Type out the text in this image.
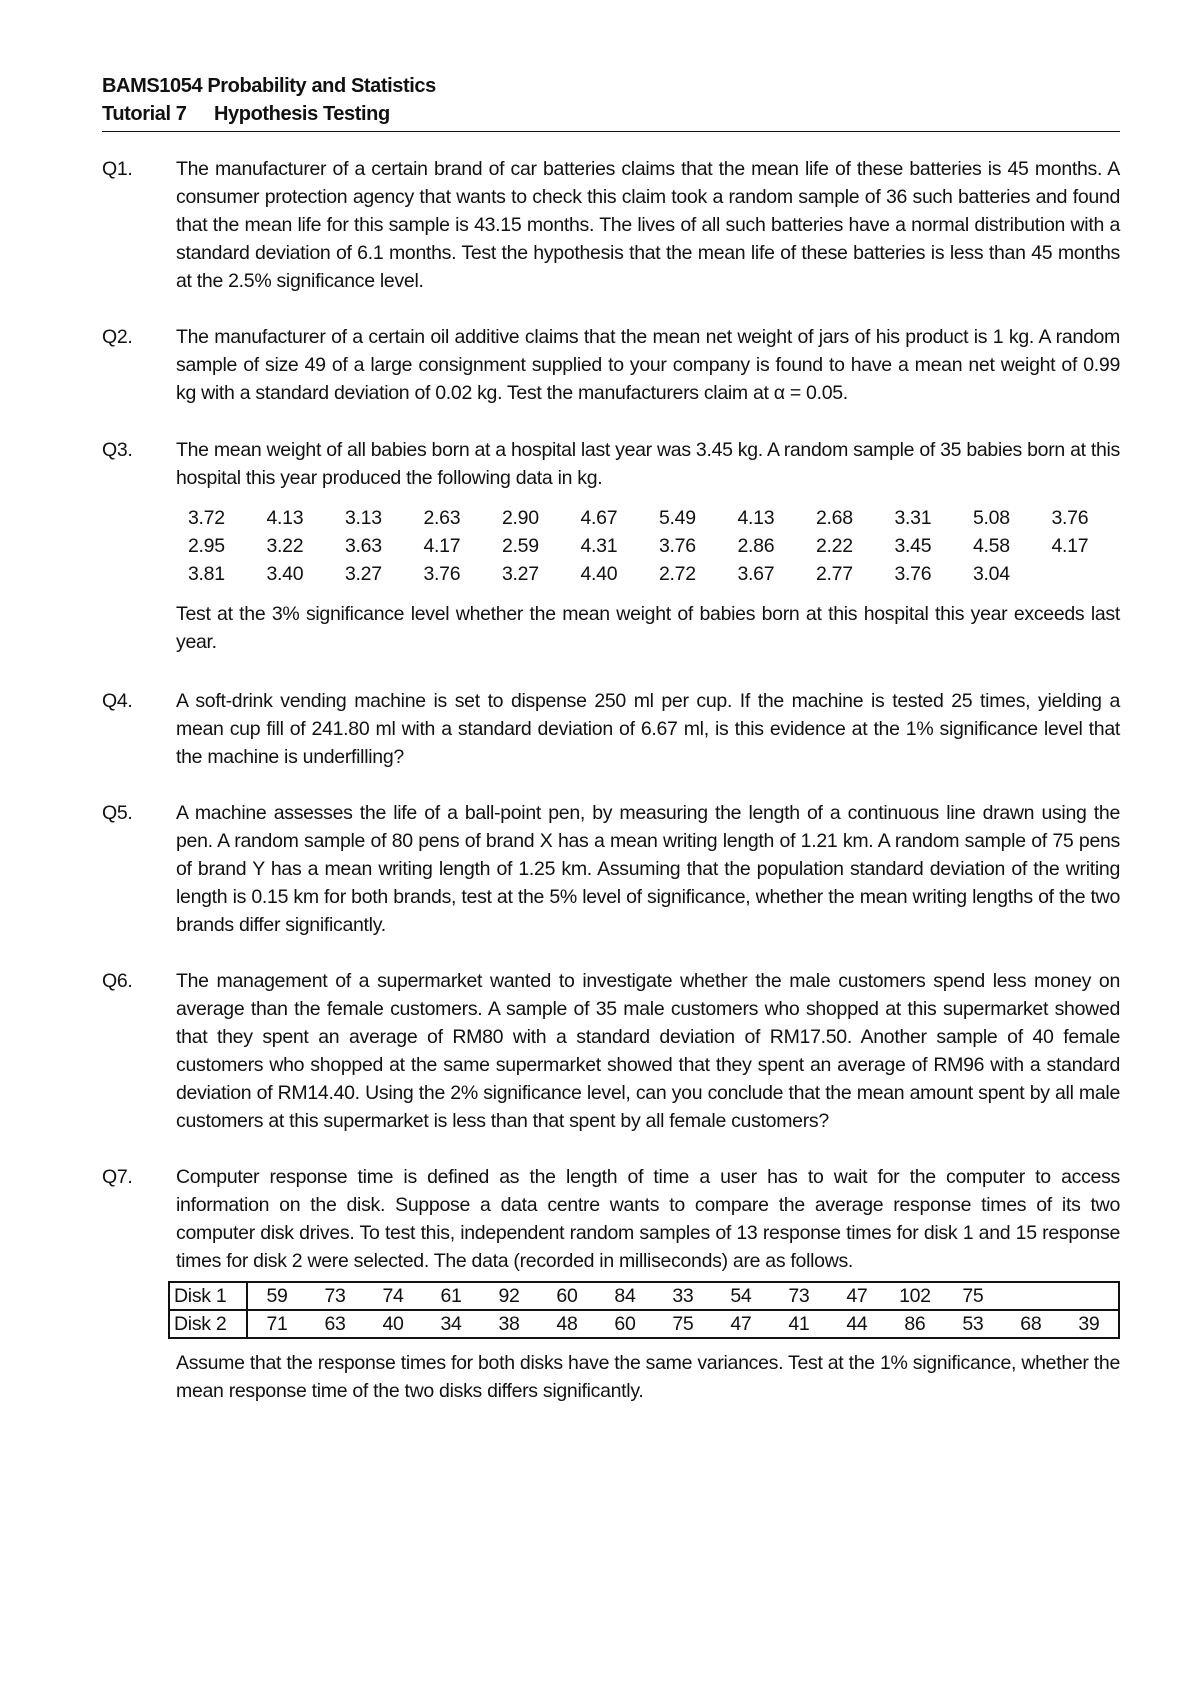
BAMS1054 Probability and Statistics
Tutorial 7 Hypothesis Testing
Q1.	The manufacturer of a certain brand of car batteries claims that the mean life of these batteries is 45 months. A consumer protection agency that wants to check this claim took a random sample of 36 such batteries and found that the mean life for this sample is 43.15 months. The lives of all such batteries have a normal distribution with a standard deviation of 6.1 months. Test the hypothesis that the mean life of these batteries is less than 45 months at the 2.5% significance level.

Q2.	The manufacturer of a certain oil additive claims that the mean net weight of jars of his product is 1 kg. A random sample of size 49 of a large consignment supplied to your company is found to have a mean net weight of 0.99 kg with a standard deviation of 0.02 kg. Test the manufacturers claim at α = 0.05.

Q3.	The mean weight of all babies born at a hospital last year was 3.45 kg. A random sample of 35 babies born at this hospital this year produced the following data in kg.

3.72	4.13	3.13	2.63	2.90	4.67	5.49	4.13	2.68	3.31	5.08	3.76
2.95	3.22	3.63	4.17	2.59	4.31	3.76	2.86	2.22	3.45	4.58	4.17
3.81	3.40	3.27	3.76	3.27	4.40	2.72	3.67	2.77	3.76	3.04

Test at the 3% significance level whether the mean weight of babies born at this hospital this year exceeds last year.

Q4.	A soft-drink vending machine is set to dispense 250 ml per cup. If the machine is tested 25 times, yielding a mean cup fill of 241.80 ml with a standard deviation of 6.67 ml, is this evidence at the 1% significance level that the machine is underfilling?

Q5.	A machine assesses the life of a ball-point pen, by measuring the length of a continuous line drawn using the pen. A random sample of 80 pens of brand X has a mean writing length of 1.21 km. A random sample of 75 pens of brand Y has a mean writing length of 1.25 km. Assuming that the population standard deviation of the writing length is 0.15 km for both brands, test at the 5% level of significance, whether the mean writing lengths of the two brands differ significantly.

Q6.	The management of a supermarket wanted to investigate whether the male customers spend less money on average than the female customers. A sample of 35 male customers who shopped at this supermarket showed that they spent an average of RM80 with a standard deviation of RM17.50. Another sample of 40 female customers who shopped at the same supermarket showed that they spent an average of RM96 with a standard deviation of RM14.40. Using the 2% significance level, can you conclude that the mean amount spent by all male customers at this supermarket is less than that spent by all female customers?

Q7.	Computer response time is defined as the length of time a user has to wait for the computer to access information on the disk. Suppose a data centre wants to compare the average response times of its two computer disk drives. To test this, independent random samples of 13 response times for disk 1 and 15 response times for disk 2 were selected. The data (recorded in milliseconds) are as follows.

Disk 1	59	73	74	61	92	60	84	33	54	73	47	102	75		
Disk 2	71	63	40	34	38	48	60	75	47	41	44	86	53	68	39

Assume that the response times for both disks have the same variances. Test at the 1% significance, whether the mean response time of the two disks differs significantly.
